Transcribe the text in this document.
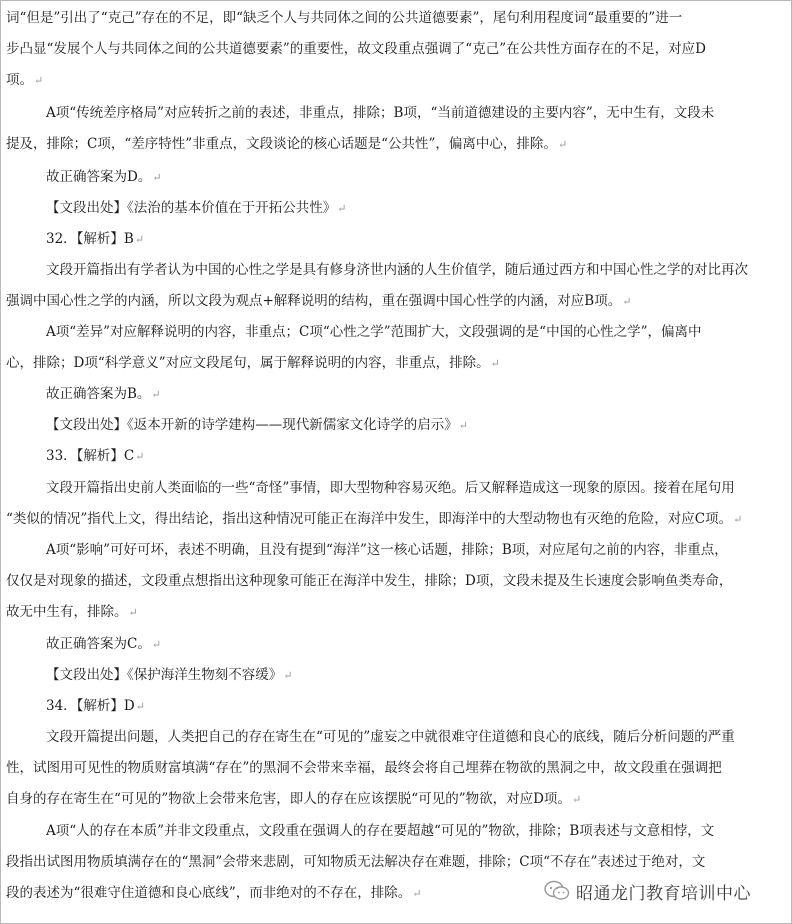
词“但是”引出了“克己”存在的不足，即“缺乏个人与共同体之间的公共道德要素”，尾句利用程度词“最重要的”进一
步凸显“发展个人与共同体之间的公共道德要素”的重要性，故文段重点强调了“克己”在公共性方面存在的不足，对应D
项。↵
A项“传统差序格局”对应转折之前的表述，非重点，排除；B项，“当前道德建设的主要内容”，无中生有，文段未
提及，排除；C项，“差序特性”非重点，文段谈论的核心话题是“公共性”，偏离中心，排除。↵
故正确答案为D。↵
【文段出处】《法治的基本价值在于开拓公共性》↵
32．【解析】B↵
文段开篇指出有学者认为中国的心性之学是具有修身济世内涵的人生价值学，随后通过西方和中国心性之学的对比再次
强调中国心性之学的内涵，所以文段为观点+解释说明的结构，重在强调中国心性学的内涵，对应B项。↵
A项“差异”对应解释说明的内容，非重点；C项“心性之学”范围扩大，文段强调的是“中国的心性之学”，偏离中
心，排除；D项“科学意义”对应文段尾句，属于解释说明的内容，非重点，排除。↵
故正确答案为B。↵
【文段出处】《返本开新的诗学建构——现代新儒家文化诗学的启示》↵
33．【解析】C↵
文段开篇指出史前人类面临的一些“奇怪”事情，即大型物种容易灭绝。后又解释造成这一现象的原因。接着在尾句用
“类似的情况”指代上文，得出结论，指出这种情况可能正在海洋中发生，即海洋中的大型动物也有灭绝的危险，对应C项。↵
A项“影响”可好可坏，表述不明确，且没有提到“海洋”这一核心话题，排除；B项，对应尾句之前的内容，非重点，
仅仅是对现象的描述，文段重点想指出这种现象可能正在海洋中发生，排除；D项，文段未提及生长速度会影响鱼类寿命，
故无中生有，排除。↵
故正确答案为C。↵
【文段出处】《保护海洋生物刻不容缓》↵
34．【解析】D↵
文段开篇提出问题，人类把自己的存在寄生在“可见的”虚妄之中就很难守住道德和良心的底线，随后分析问题的严重
性，试图用可见性的物质财富填满“存在”的黑洞不会带来幸福，最终会将自己埋葬在物欲的黑洞之中，故文段重在强调把
自身的存在寄生在“可见的”物欲上会带来危害，即人的存在应该摆脱“可见的”物欲，对应D项。↵
A项“人的存在本质”并非文段重点，文段重在强调人的存在要超越“可见的”物欲，排除；B项表述与文意相悖，文
段指出试图用物质填满存在的“黑洞”会带来悲剧，可知物质无法解决存在难题，排除；C项“不存在”表述过于绝对，文
段的表述为“很难守住道德和良心底线”，而非绝对的不存在，排除。↵	昭通龙门教育培训中心
